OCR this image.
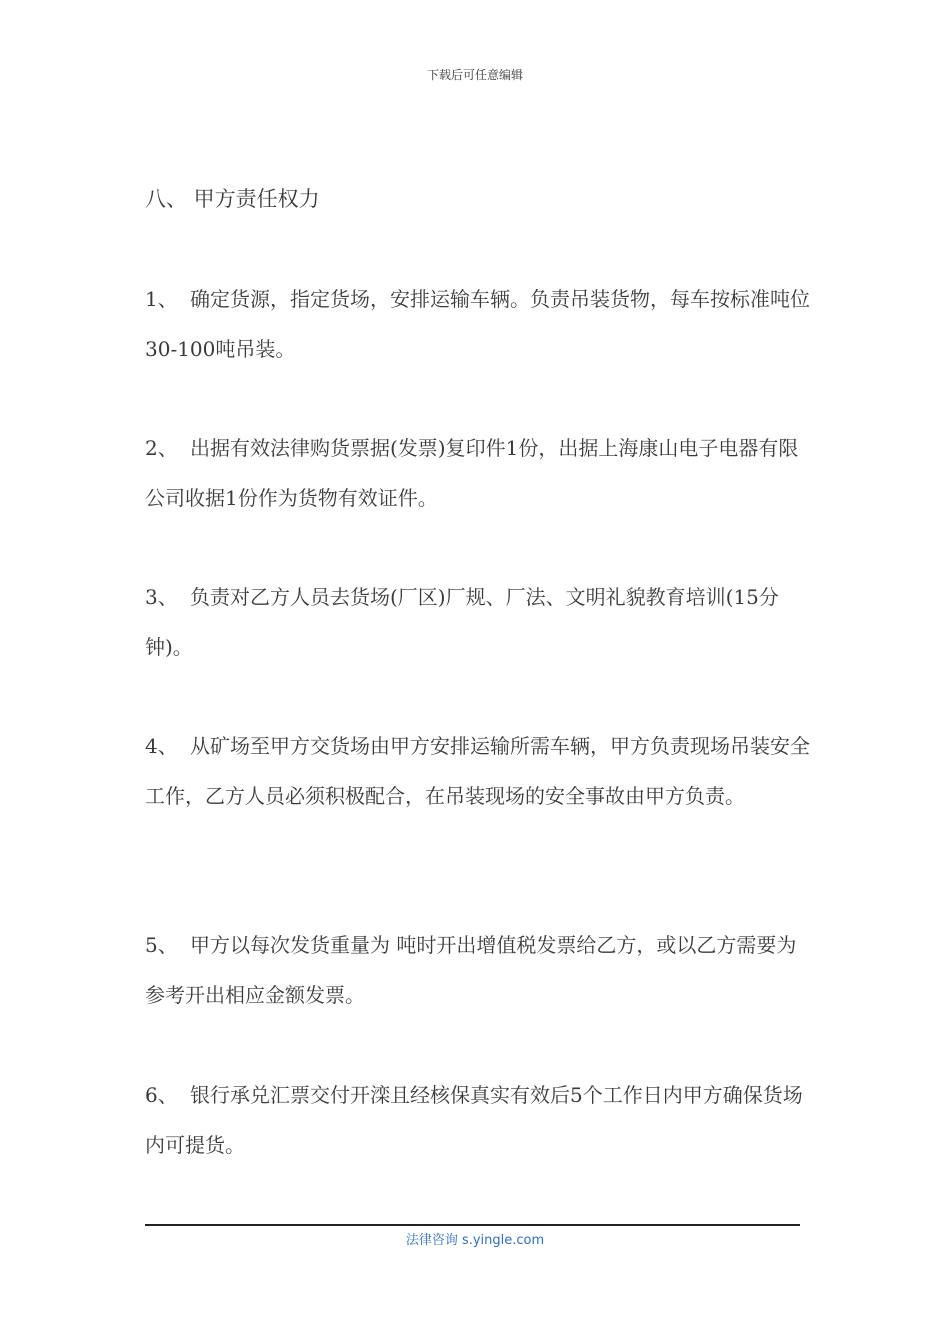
下载后可任意编辑
八、 甲方责任权力
1、 确定货源，指定货场，安排运输车辆。负责吊装货物，每车按标准吨位 30-100吨吊装。
2、 出据有效法律购货票据(发票)复印件1份，出据上海康山电子电器有限公司收据1份作为货物有效证件。
3、 负责对乙方人员去货场(厂区)厂规、厂法、文明礼貌教育培训(15分钟)。
4、 从矿场至甲方交货场由甲方安排运输所需车辆，甲方负责现场吊装安全工作，乙方人员必须积极配合，在吊装现场的安全事故由甲方负责。
5、 甲方以每次发货重量为 吨时开出增值税发票给乙方，或以乙方需要为参考开出相应金额发票。
6、 银行承兑汇票交付开滦且经核保真实有效后5个工作日内甲方确保货场内可提货。
法律咨询 s.yingle.com
